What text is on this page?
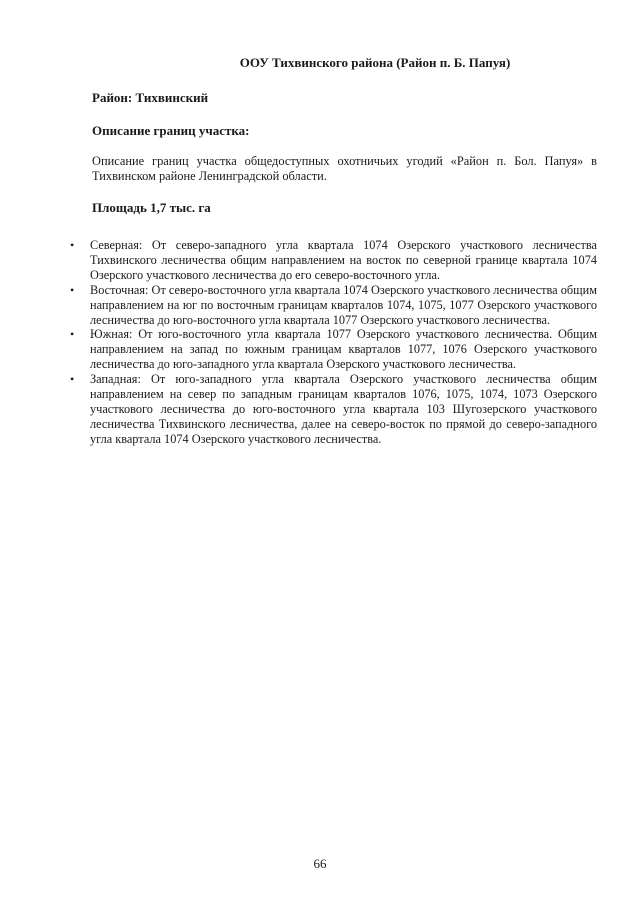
ООУ Тихвинского района (Район п. Б. Папуя)
Район: Тихвинский
Описание границ участка:
Описание границ участка общедоступных охотничьих угодий «Район п. Бол. Папуя» в Тихвинском районе Ленинградской области.
Площадь 1,7 тыс. га
•	Северная: От северо-западного угла квартала 1074 Озерского участкового лесничества Тихвинского лесничества общим направлением на восток по северной границе квартала 1074 Озерского участкового лесничества до его северо-восточного угла.
•	Восточная: От северо-восточного угла квартала 1074 Озерского участкового лесничества общим направлением на юг по восточным границам кварталов 1074, 1075, 1077 Озерского участкового лесничества до юго-восточного угла квартала 1077 Озерского участкового лесничества.
•	Южная: От юго-восточного угла квартала 1077 Озерского участкового лесничества. Общим направлением на запад по южным границам кварталов 1077, 1076 Озерского участкового лесничества до юго-западного угла квартала Озерского участкового лесничества.
•	Западная: От юго-западного угла квартала Озерского участкового лесничества общим направлением на север по западным границам кварталов 1076, 1075, 1074, 1073 Озерского участкового лесничества до юго-восточного угла квартала 103 Шугозерского участкового лесничества Тихвинского лесничества, далее на северо-восток по прямой до северо-западного угла квартала 1074 Озерского участкового лесничества.
66
